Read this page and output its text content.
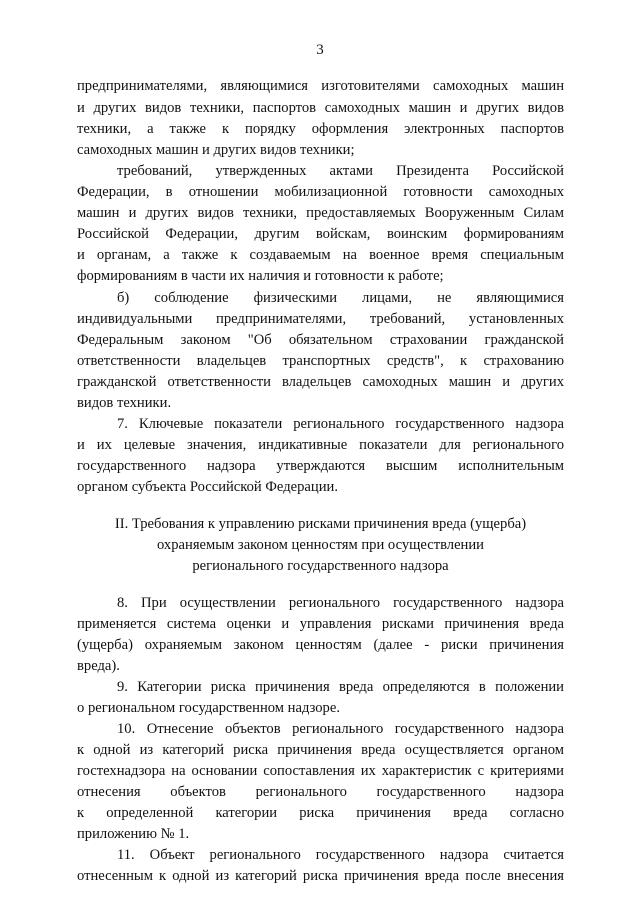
3
предпринимателями, являющимися изготовителями самоходных машин
и других видов техники, паспортов самоходных машин и других видов
техники, а также к порядку оформления электронных паспортов
самоходных машин и других видов техники;
требований, утвержденных актами Президента Российской
Федерации, в отношении мобилизационной готовности самоходных
машин и других видов техники, предоставляемых Вооруженным Силам
Российской Федерации, другим войскам, воинским формированиям
и органам, а также к создаваемым на военное время специальным
формированиям в части их наличия и готовности к работе;
б) соблюдение физическими лицами, не являющимися
индивидуальными предпринимателями, требований, установленных
Федеральным законом "Об обязательном страховании гражданской
ответственности владельцев транспортных средств", к страхованию
гражданской ответственности владельцев самоходных машин и других
видов техники.
7. Ключевые показатели регионального государственного надзора
и их целевые значения, индикативные показатели для регионального
государственного надзора утверждаются высшим исполнительным
органом субъекта Российской Федерации.
II. Требования к управлению рисками причинения вреда (ущерба)
охраняемым законом ценностям при осуществлении
регионального государственного надзора
8. При осуществлении регионального государственного надзора
применяется система оценки и управления рисками причинения вреда
(ущерба) охраняемым законом ценностям (далее - риски причинения
вреда).
9. Категории риска причинения вреда определяются в положении
о региональном государственном надзоре.
10. Отнесение объектов регионального государственного надзора
к одной из категорий риска причинения вреда осуществляется органом
гостехнадзора на основании сопоставления их характеристик с критериями
отнесения объектов регионального государственного надзора
к определенной категории риска причинения вреда согласно
приложению № 1.
11. Объект регионального государственного надзора считается
отнесенным к одной из категорий риска причинения вреда после внесения
